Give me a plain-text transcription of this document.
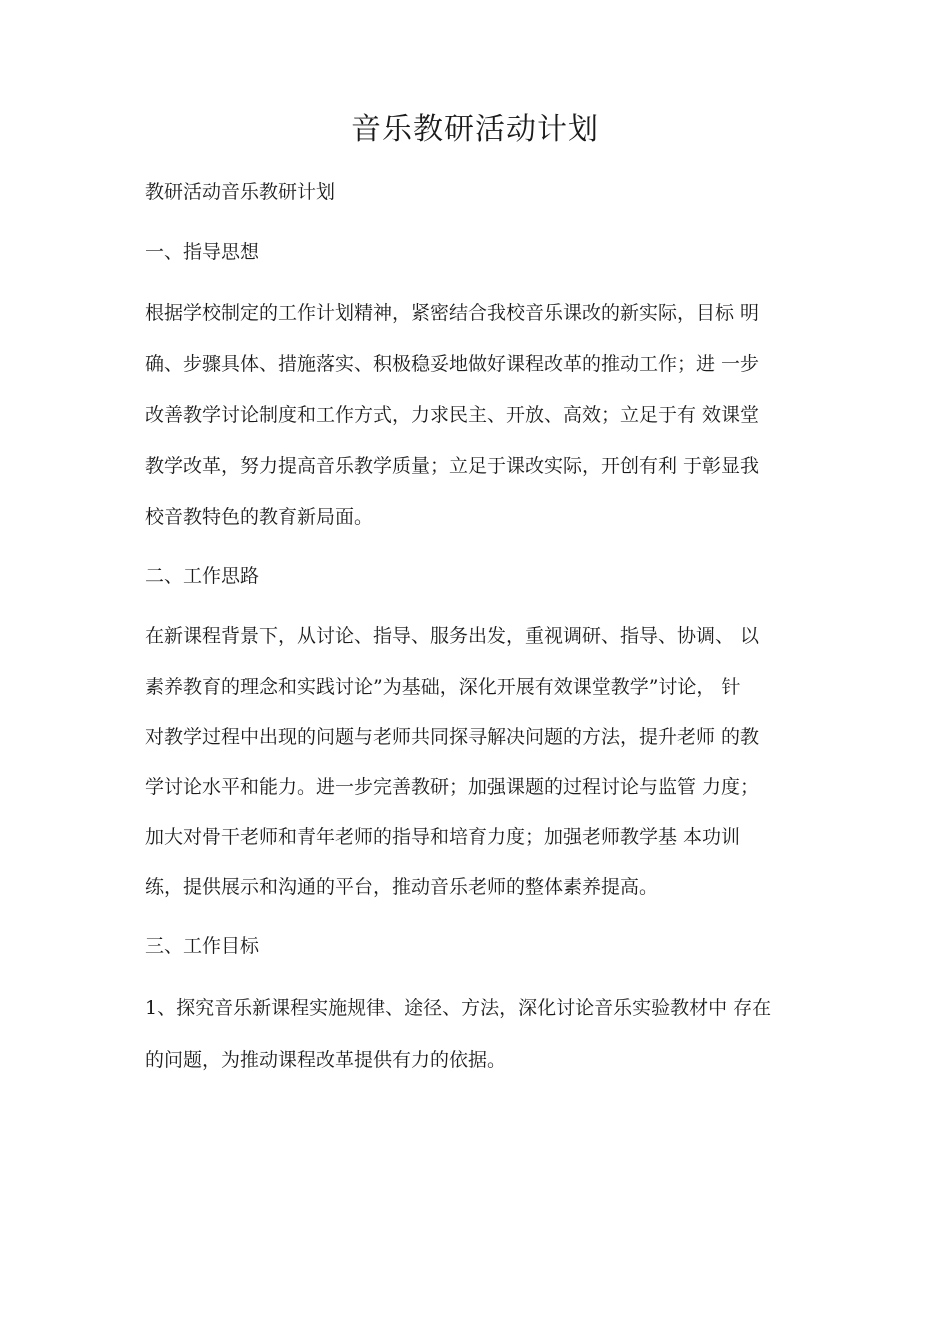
音乐教研活动计划
教研活动音乐教研计划
一、指导思想
根据学校制定的工作计划精神，紧密结合我校音乐课改的新实际，目标 明
确、步骤具体、措施落实、积极稳妥地做好课程改革的推动工作；进 一步
改善教学讨论制度和工作方式，力求民主、开放、高效；立足于有 效课堂
教学改革，努力提高音乐教学质量；立足于课改实际，开创有利 于彰显我
校音教特色的教育新局面。
二、工作思路
在新课程背景下，从讨论、指导、服务出发，重视调研、指导、协调、 以
素养教育的理念和实践讨论”为基础，深化开展有效课堂教学”讨论， 针
对教学过程中出现的问题与老师共同探寻解决问题的方法，提升老师 的教
学讨论水平和能力。进一步完善教研；加强课题的过程讨论与监管 力度；
加大对骨干老师和青年老师的指导和培育力度；加强老师教学基 本功训
练，提供展示和沟通的平台，推动音乐老师的整体素养提高。
三、工作目标
1、探究音乐新课程实施规律、途径、方法，深化讨论音乐实验教材中 存在
的问题，为推动课程改革提供有力的依据。
